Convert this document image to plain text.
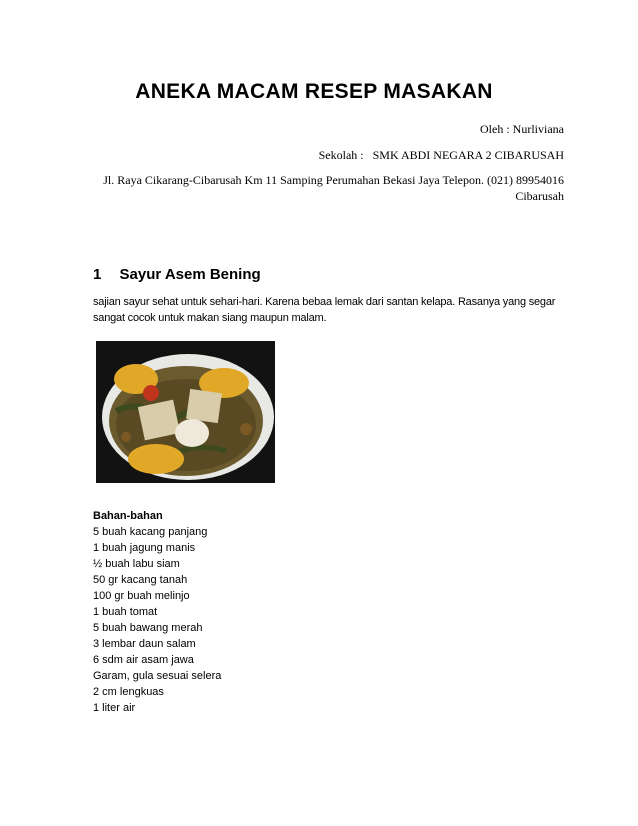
ANEKA MACAM RESEP MASAKAN
Oleh : Nurliviana
Sekolah : SMK ABDI NEGARA 2 CIBARUSAH
Jl. Raya Cikarang-Cibarusah Km 11 Samping Perumahan Bekasi Jaya Telepon. (021) 89954016 Cibarusah
1 Sayur Asem Bening

sajian sayur sehat untuk sehari-hari. Karena bebaa lemak dari santan kelapa. Rasanya yang segar sangat cocok untuk makan siang maupun malam.

Bahan-bahan
5 buah kacang panjang
1 buah jagung manis
½ buah labu siam
50 gr kacang tanah
100 gr buah melinjo
1 buah tomat
5 buah bawang merah
3 lembar daun salam
6 sdm air asam jawa
Garam, gula sesuai selera
2 cm lengkuas
1 liter air
